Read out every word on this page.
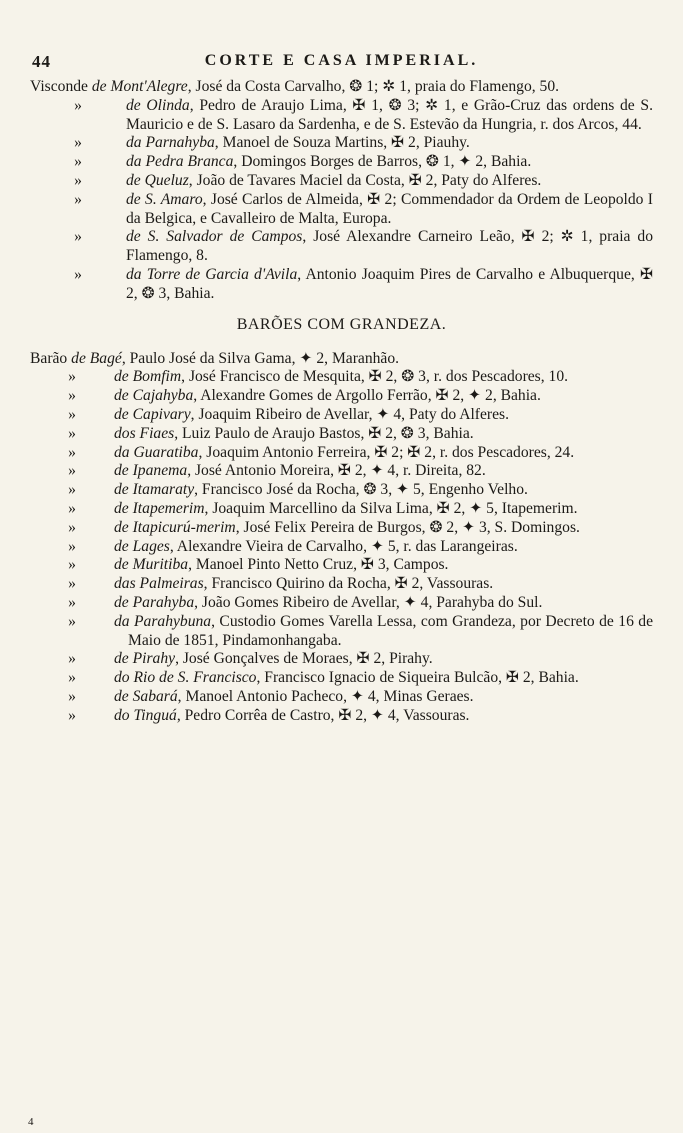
44	CORTE E CASA IMPERIAL.

Visconde de Mont'Alegre, José da Costa Carvalho, ❂ 1; ✲ 1, praia do Flamengo, 50.

»	de Olinda, Pedro de Araujo Lima, ✠ 1, ❂ 3; ✲ 1, e Grão-Cruz das ordens de S. Mauricio e de S. Lasaro da Sardenha, e de S. Estevão da Hungria, r. dos Arcos, 44.

»	da Parnahyba, Manoel de Souza Martins, ✠ 2, Piauhy.

»	da Pedra Branca, Domingos Borges de Barros, ❂ 1, ✦ 2, Bahia.

»	de Queluz, João de Tavares Maciel da Costa, ✠ 2, Paty do Alferes.

»	de S. Amaro, José Carlos de Almeida, ✠ 2; Commendador da Ordem de Leopoldo I da Belgica, e Cavalleiro de Malta, Europa.

»	de S. Salvador de Campos, José Alexandre Carneiro Leão, ✠ 2; ✲ 1, praia do Flamengo, 8.

»	da Torre de Garcia d'Avila, Antonio Joaquim Pires de Carvalho e Albuquerque, ✠ 2, ❂ 3, Bahia.

BARÕES COM GRANDEZA.

Barão de Bagé, Paulo José da Silva Gama, ✦ 2, Maranhão.

» de Bomfim, José Francisco de Mesquita, ✠ 2, ❂ 3, r. dos Pescadores, 10.

» de Cajahyba, Alexandre Gomes de Argollo Ferrão, ✠ 2, ✦ 2, Bahia.

» de Capivary, Joaquim Ribeiro de Avellar, ✦ 4, Paty do Alferes.

» dos Fiaes, Luiz Paulo de Araujo Bastos, ✠ 2, ❂ 3, Bahia.

» da Guaratiba, Joaquim Antonio Ferreira, ✠ 2; ✠ 2, r. dos Pescadores, 24.

» de Ipanema, José Antonio Moreira, ✠ 2, ✦ 4, r. Direita, 82.

» de Itamaraty, Francisco José da Rocha, ❂ 3, ✦ 5, Engenho Velho.

» de Itapemerim, Joaquim Marcellino da Silva Lima, ✠ 2, ✦ 5, Itapemerim.

» de Itapicurú-merim, José Felix Pereira de Burgos, ❂ 2, ✦ 3, S. Domingos.

» de Lages, Alexandre Vieira de Carvalho, ✦ 5, r. das Larangeiras.

» de Muritiba, Manoel Pinto Netto Cruz, ✠ 3, Campos.

» das Palmeiras, Francisco Quirino da Rocha, ✠ 2, Vassouras.

» de Parahyba, João Gomes Ribeiro de Avellar, ✦ 4, Parahyba do Sul.

» da Parahybuna, Custodio Gomes Varella Lessa, com Grandeza, por Decreto de 16 de Maio de 1851, Pindamonhangaba.

» de Pirahy, José Gonçalves de Moraes, ✠ 2, Pirahy.

» do Rio de S. Francisco, Francisco Ignacio de Siqueira Bulcão, ✠ 2, Bahia.

» de Sabará, Manoel Antonio Pacheco, ✦ 4, Minas Geraes.

» do Tinguá, Pedro Corrêa de Castro, ✠ 2, ✦ 4, Vassouras.

4
